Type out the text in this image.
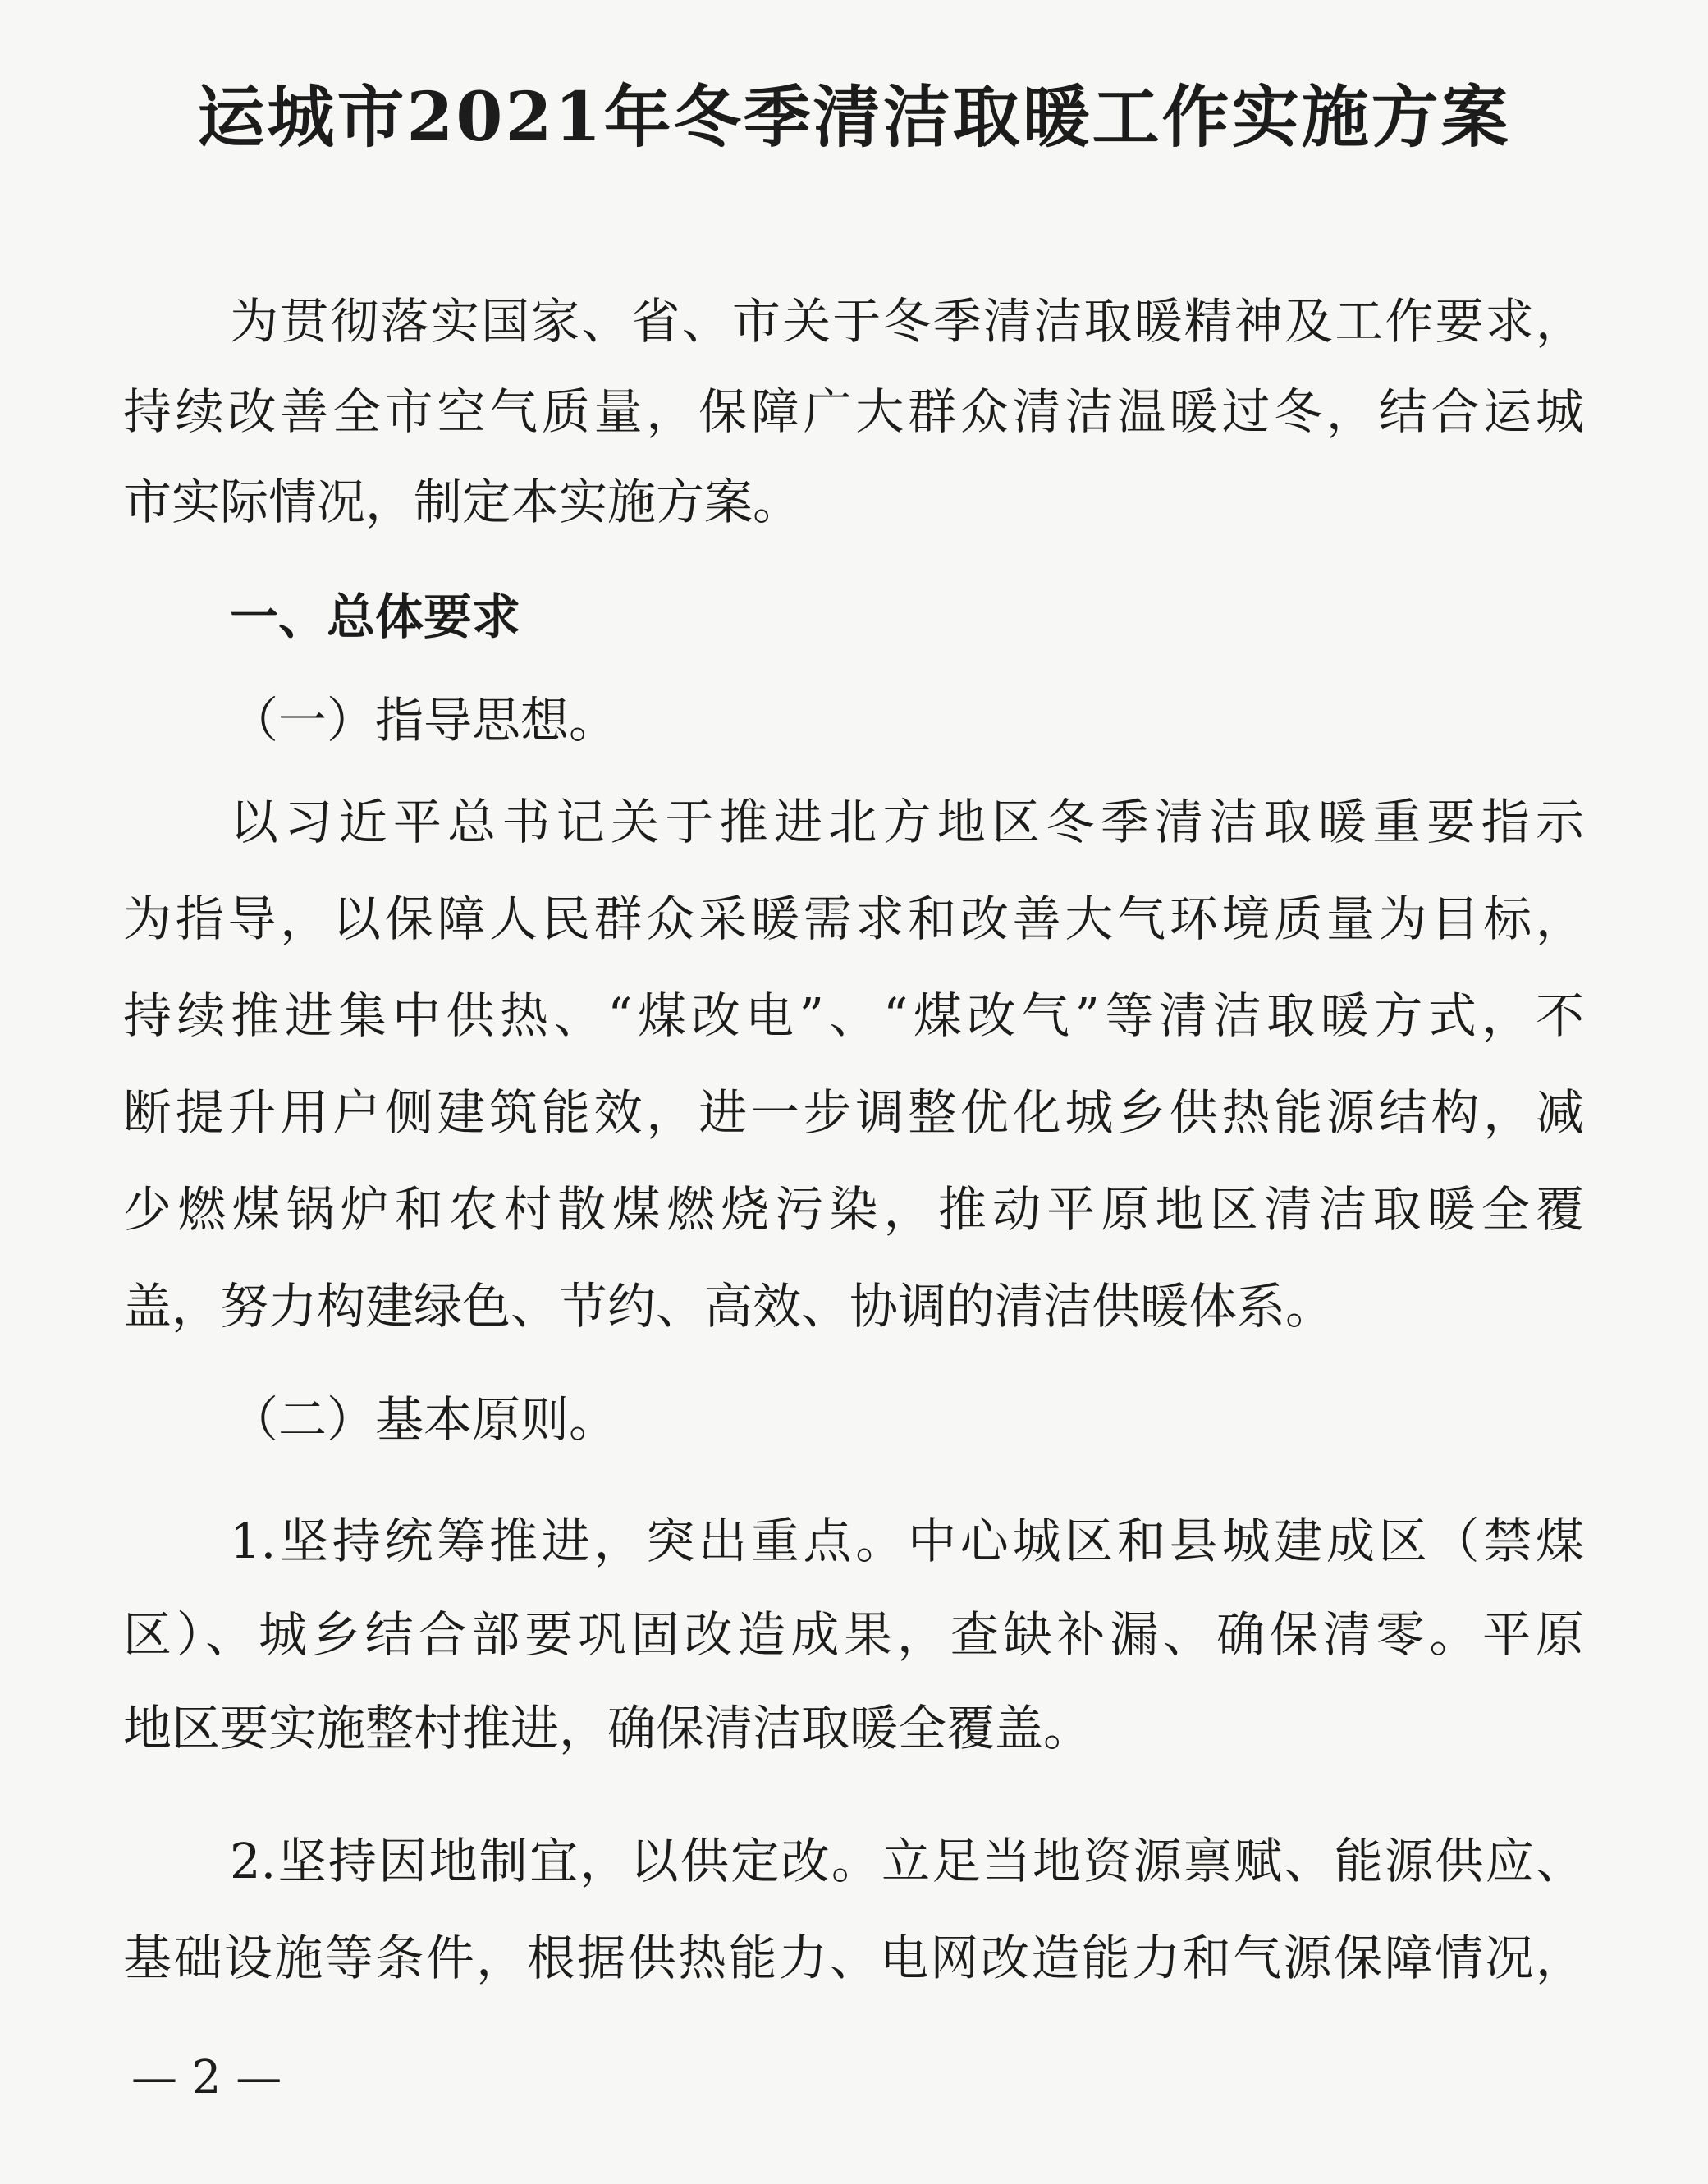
运城市2021年冬季清洁取暖工作实施方案
为贯彻落实国家、省、市关于冬季清洁取暖精神及工作要求，
持续改善全市空气质量，保障广大群众清洁温暖过冬，结合运城
市实际情况，制定本实施方案。
一、总体要求
（一）指导思想。
以习近平总书记关于推进北方地区冬季清洁取暖重要指示
为指导，以保障人民群众采暖需求和改善大气环境质量为目标，
持续推进集中供热、“煤改电”、“煤改气”等清洁取暖方式，不
断提升用户侧建筑能效，进一步调整优化城乡供热能源结构，减
少燃煤锅炉和农村散煤燃烧污染，推动平原地区清洁取暖全覆
盖，努力构建绿色、节约、高效、协调的清洁供暖体系。
（二）基本原则。
1.坚持统筹推进，突出重点。中心城区和县城建成区（禁煤
区）、城乡结合部要巩固改造成果，查缺补漏、确保清零。平原
地区要实施整村推进，确保清洁取暖全覆盖。
2.坚持因地制宜，以供定改。立足当地资源禀赋、能源供应、
基础设施等条件，根据供热能力、电网改造能力和气源保障情况，
— 2 —
